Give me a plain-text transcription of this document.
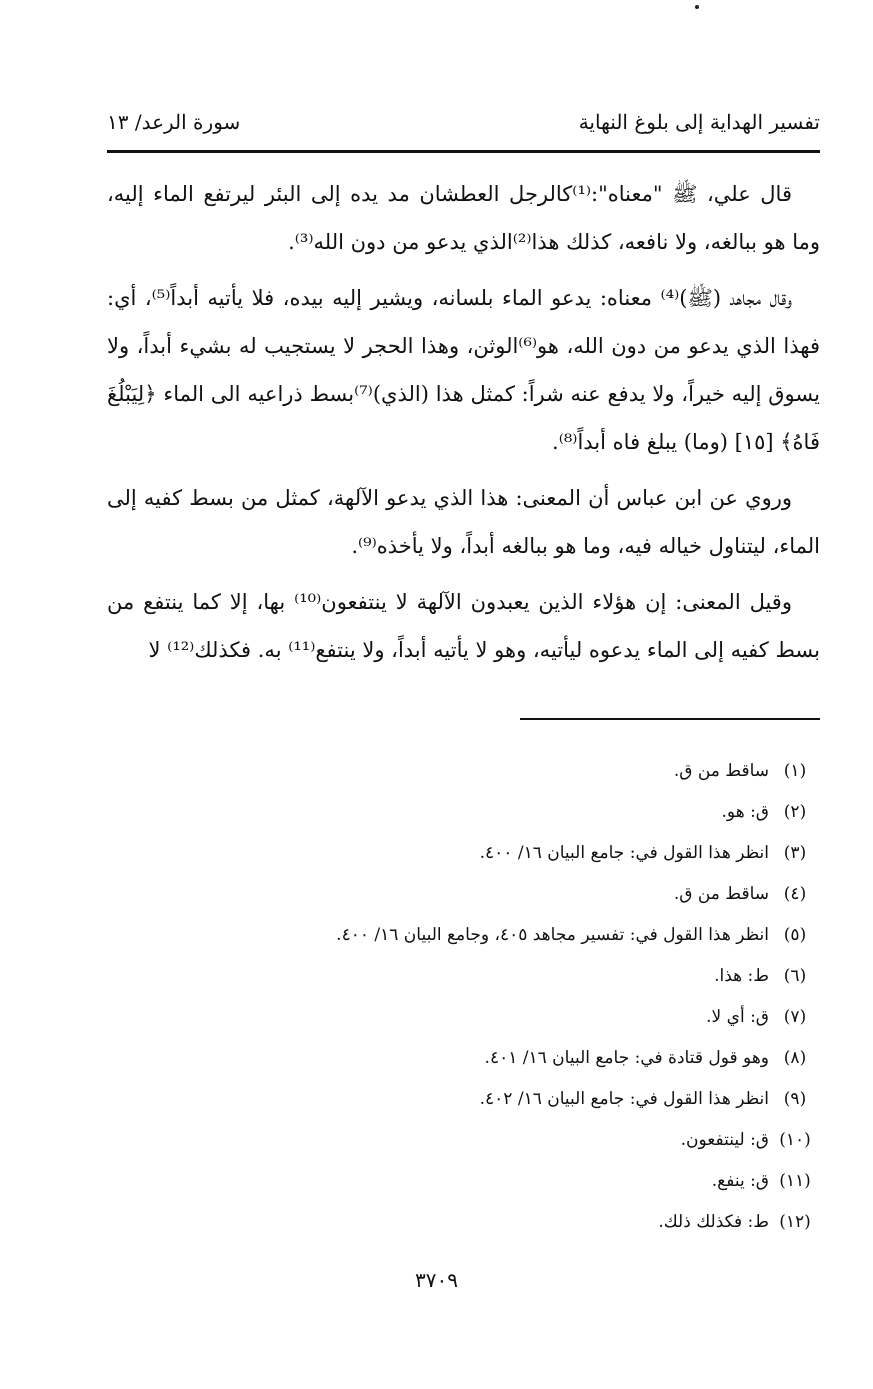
تفسير الهداية إلى بلوغ النهاية
سورة الرعد/ ١٣

قال علي، ﷺ "معناه":⁽¹⁾كالرجل العطشان مد يده إلى البئر ليرتفع الماء إليه، وما هو ببالغه، ولا نافعه، كذلك هذا⁽²⁾الذي يدعو من دون الله⁽³⁾.

وقال مجاهد (ﷺ)⁽⁴⁾ معناه: يدعو الماء بلسانه، ويشير إليه بيده، فلا يأتيه أبداً⁽⁵⁾، أي: فهذا الذي يدعو من دون الله، هو⁽⁶⁾الوثن، وهذا الحجر لا يستجيب له بشيء أبداً، ولا يسوق إليه خيراً، ولا يدفع عنه شراً: كمثل هذا (الذي)⁽⁷⁾بسط ذراعيه الى الماء ﴿لِيَبْلُغَ فَاهُ﴾ [١٥] (وما) يبلغ فاه أبداً⁽⁸⁾.

وروي عن ابن عباس أن المعنى: هذا الذي يدعو الآلهة، كمثل من بسط كفيه إلى الماء، ليتناول خياله فيه، وما هو ببالغه أبداً، ولا يأخذه⁽⁹⁾.

وقيل المعنى: إن هؤلاء الذين يعبدون الآلهة لا ينتفعون⁽¹⁰⁾ بها، إلا كما ينتفع من بسط كفيه إلى الماء يدعوه ليأتيه، وهو لا يأتيه أبداً، ولا ينتفع⁽¹¹⁾ به. فكذلك⁽¹²⁾ لا

(١)ساقط من ق.
(٢)ق: هو.
(٣)انظر هذا القول في: جامع البيان ١٦/ ٤٠٠.
(٤)ساقط من ق.
(٥)انظر هذا القول في: تفسير مجاهد ٤٠٥، وجامع البيان ١٦/ ٤٠٠.
(٦)ط: هذا.
(٧)ق: أي لا.
(٨)وهو قول قتادة في: جامع البيان ١٦/ ٤٠١.
(٩)انظر هذا القول في: جامع البيان ١٦/ ٤٠٢.
(١٠)ق: لينتفعون.
(١١)ق: ينفع.
(١٢)ط: فكذلك ذلك.
٣٧٠٩
